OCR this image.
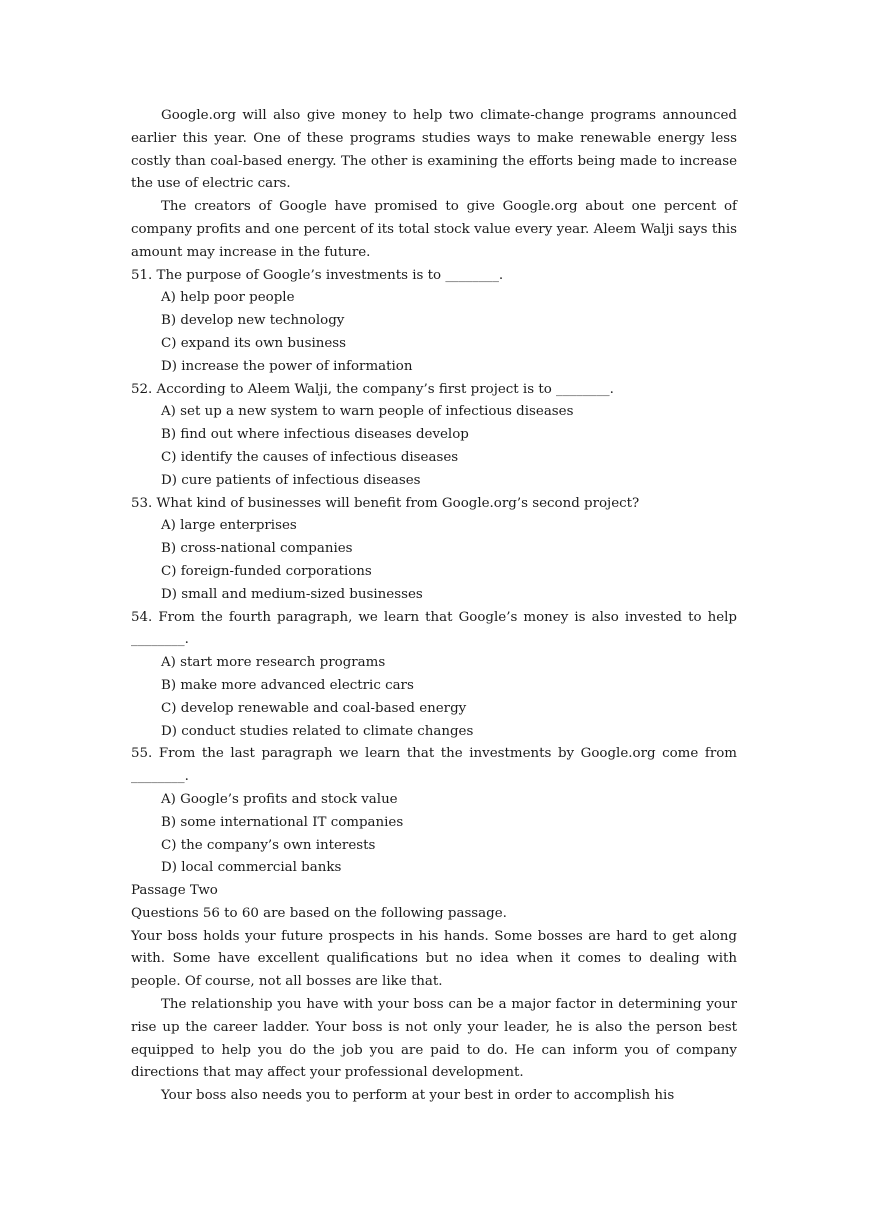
Google.org will also give money to help two climate-change programs announced earlier this year. One of these programs studies ways to make renewable energy less costly than coal-based energy. The other is examining the efforts being made to increase the use of electric cars.

The creators of Google have promised to give Google.org about one percent of company profits and one percent of its total stock value every year. Aleem Walji says this amount may increase in the future.

51. The purpose of Google’s investments is to ________.

A) help poor people

B) develop new technology

C) expand its own business

D) increase the power of information

52. According to Aleem Walji, the company’s first project is to ________.

A) set up a new system to warn people of infectious diseases

B) find out where infectious diseases develop

C) identify the causes of infectious diseases

D) cure patients of infectious diseases

53. What kind of businesses will benefit from Google.org’s second project?

A) large enterprises

B) cross-national companies

C) foreign-funded corporations

D) small and medium-sized businesses

54. From the fourth paragraph, we learn that Google’s money is also invested to help ________.

A) start more research programs

B) make more advanced electric cars

C) develop renewable and coal-based energy

D) conduct studies related to climate changes

55. From the last paragraph we learn that the investments by Google.org come from ________.

A) Google’s profits and stock value

B) some international IT companies

C) the company’s own interests

D) local commercial banks

Passage Two

Questions 56 to 60 are based on the following passage.

Your boss holds your future prospects in his hands. Some bosses are hard to get along with. Some have excellent qualifications but no idea when it comes to dealing with people. Of course, not all bosses are like that.

The relationship you have with your boss can be a major factor in determining your rise up the career ladder. Your boss is not only your leader, he is also the person best equipped to help you do the job you are paid to do. He can inform you of company directions that may affect your professional development.

Your boss also needs you to perform at your best in order to accomplish his
